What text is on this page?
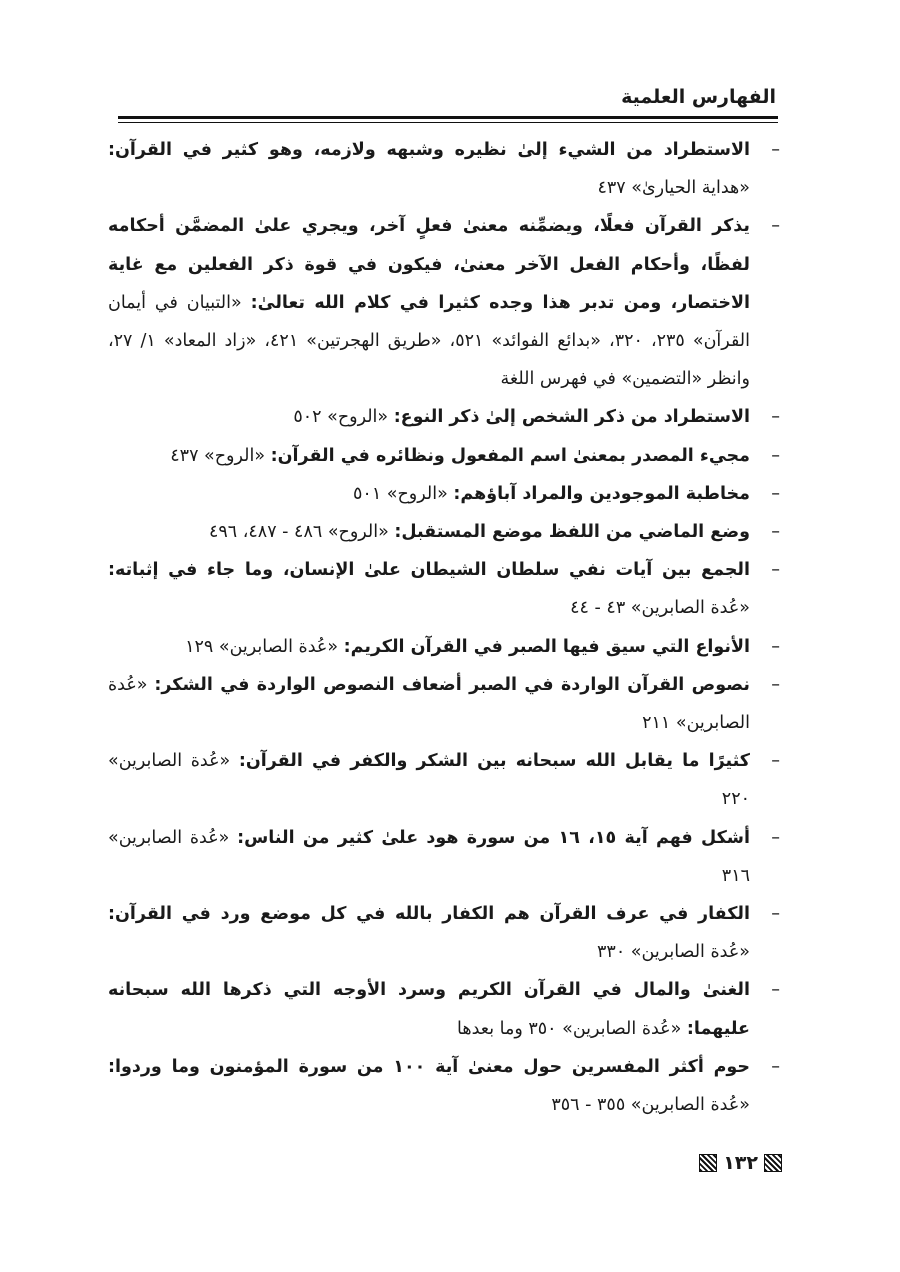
الفهارس العلمية
–
الاستطراد من الشيء إلىٰ نظيره وشبهه ولازمه، وهو كثير في القرآن: «هداية الحيارىٰ» ٤٣٧
–
يذكر القرآن فعلًا، ويضمِّنه معنىٰ فعلٍ آخر، ويجري علىٰ المضمَّن أحكامه لفظًا، وأحكام الفعل الآخر معنىٰ، فيكون في قوة ذكر الفعلين مع غاية الاختصار، ومن تدبر هذا وجده كثيرا في كلام الله تعالىٰ: «التبيان في أيمان القرآن» ٢٣٥، ٣٢٠، «بدائع الفوائد» ٥٢١، «طريق الهجرتين» ٤٢١، «زاد المعاد» ١/ ٢٧، وانظر «التضمين» في فهرس اللغة
–
الاستطراد من ذكر الشخص إلىٰ ذكر النوع: «الروح» ٥٠٢
–
مجيء المصدر بمعنىٰ اسم المفعول ونظائره في القرآن: «الروح» ٤٣٧
–
مخاطبة الموجودين والمراد آباؤهم: «الروح» ٥٠١
–
وضع الماضي من اللفظ موضع المستقبل: «الروح» ٤٨٦ - ٤٨٧، ٤٩٦
–
الجمع بين آيات نفي سلطان الشيطان علىٰ الإنسان، وما جاء في إثباته: «عُدة الصابرين» ٤٣ - ٤٤
–
الأنواع التي سيق فيها الصبر في القرآن الكريم: «عُدة الصابرين» ١٢٩
–
نصوص القرآن الواردة في الصبر أضعاف النصوص الواردة في الشكر: «عُدة الصابرين» ٢١١
–
كثيرًا ما يقابل الله سبحانه بين الشكر والكفر في القرآن: «عُدة الصابرين» ٢٢٠
–
أشكل فهم آية ١٥، ١٦ من سورة هود علىٰ كثير من الناس: «عُدة الصابرين» ٣١٦
–
الكفار في عرف القرآن هم الكفار بالله في كل موضع ورد في القرآن: «عُدة الصابرين» ٣٣٠
–
الغنىٰ والمال في القرآن الكريم وسرد الأوجه التي ذكرها الله سبحانه عليهما: «عُدة الصابرين» ٣٥٠ وما بعدها
–
حوم أكثر المفسرين حول معنىٰ آية ١٠٠ من سورة المؤمنون وما وردوا: «عُدة الصابرين» ٣٥٥ - ٣٥٦
١٣٢
